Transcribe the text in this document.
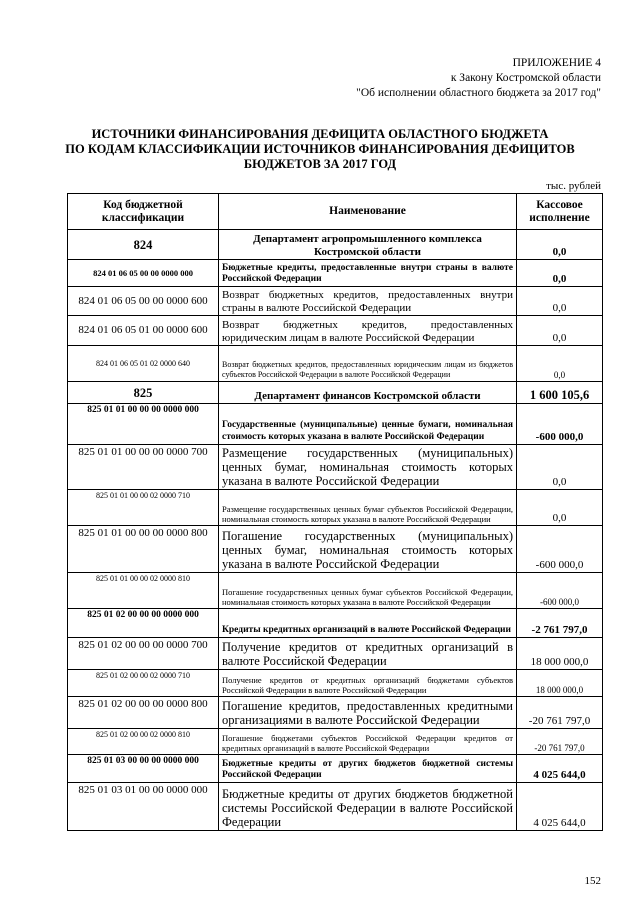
ПРИЛОЖЕНИЕ 4
к Закону Костромской области
"Об исполнении областного бюджета за 2017 год"
ИСТОЧНИКИ ФИНАНСИРОВАНИЯ ДЕФИЦИТА ОБЛАСТНОГО БЮДЖЕТА
ПО КОДАМ КЛАССИФИКАЦИИ ИСТОЧНИКОВ ФИНАНСИРОВАНИЯ ДЕФИЦИТОВ
БЮДЖЕТОВ ЗА 2017 ГОД
тыс. рублей
Код бюджетной классификации	Наименование	Кассовое исполнение
824	Департамент агропромышленного комплекса Костромской области	0,0
824 01 06 05 00 00 0000 000	Бюджетные кредиты, предоставленные внутри страны в валюте Российской Федерации	0,0
824 01 06 05 00 00 0000 600	Возврат бюджетных кредитов, предоставленных внутри страны в валюте Российской Федерации	0,0
824 01 06 05 01 00 0000 600	Возврат бюджетных кредитов, предоставленных юридическим лицам в валюте Российской Федерации	0,0
824 01 06 05 01 02 0000 640	Возврат бюджетных кредитов, предоставленных юридическим лицам из бюджетов субъектов Российской Федерации в валюте Российской Федерации	0,0
825	Департамент финансов Костромской области	1 600 105,6
825 01 01 00 00 00 0000 000	Государственные (муниципальные) ценные бумаги, номинальная стоимость которых указана в валюте Российской Федерации	-600 000,0
825 01 01 00 00 00 0000 700	Размещение государственных (муниципальных) ценных бумаг, номинальная стоимость которых указана в валюте Российской Федерации	0,0
825 01 01 00 00 02 0000 710	Размещение государственных ценных бумаг субъектов Российской Федерации, номинальная стоимость которых указана в валюте Российской Федерации	0,0
825 01 01 00 00 00 0000 800	Погашение государственных (муниципальных) ценных бумаг, номинальная стоимость которых указана в валюте Российской Федерации	-600 000,0
825 01 01 00 00 02 0000 810	Погашение государственных ценных бумаг субъектов Российской Федерации, номинальная стоимость которых указана в валюте Российской Федерации	-600 000,0
825 01 02 00 00 00 0000 000	Кредиты кредитных организаций в валюте Российской Федерации	-2 761 797,0
825 01 02 00 00 00 0000 700	Получение кредитов от кредитных организаций в валюте Российской Федерации	18 000 000,0
825 01 02 00 00 02 0000 710	Получение кредитов от кредитных организаций бюджетами субъектов Российской Федерации в валюте Российской Федерации	18 000 000,0
825 01 02 00 00 00 0000 800	Погашение кредитов, предоставленных кредитными организациями в валюте Российской Федерации	-20 761 797,0
825 01 02 00 00 02 0000 810	Погашение бюджетами субъектов Российской Федерации кредитов от кредитных организаций в валюте Российской Федерации	-20 761 797,0
825 01 03 00 00 00 0000 000	Бюджетные кредиты от других бюджетов бюджетной системы Российской Федерации	4 025 644,0
825 01 03 01 00 00 0000 000	Бюджетные кредиты от других бюджетов бюджетной системы Российской Федерации в валюте Российской Федерации	4 025 644,0
152
